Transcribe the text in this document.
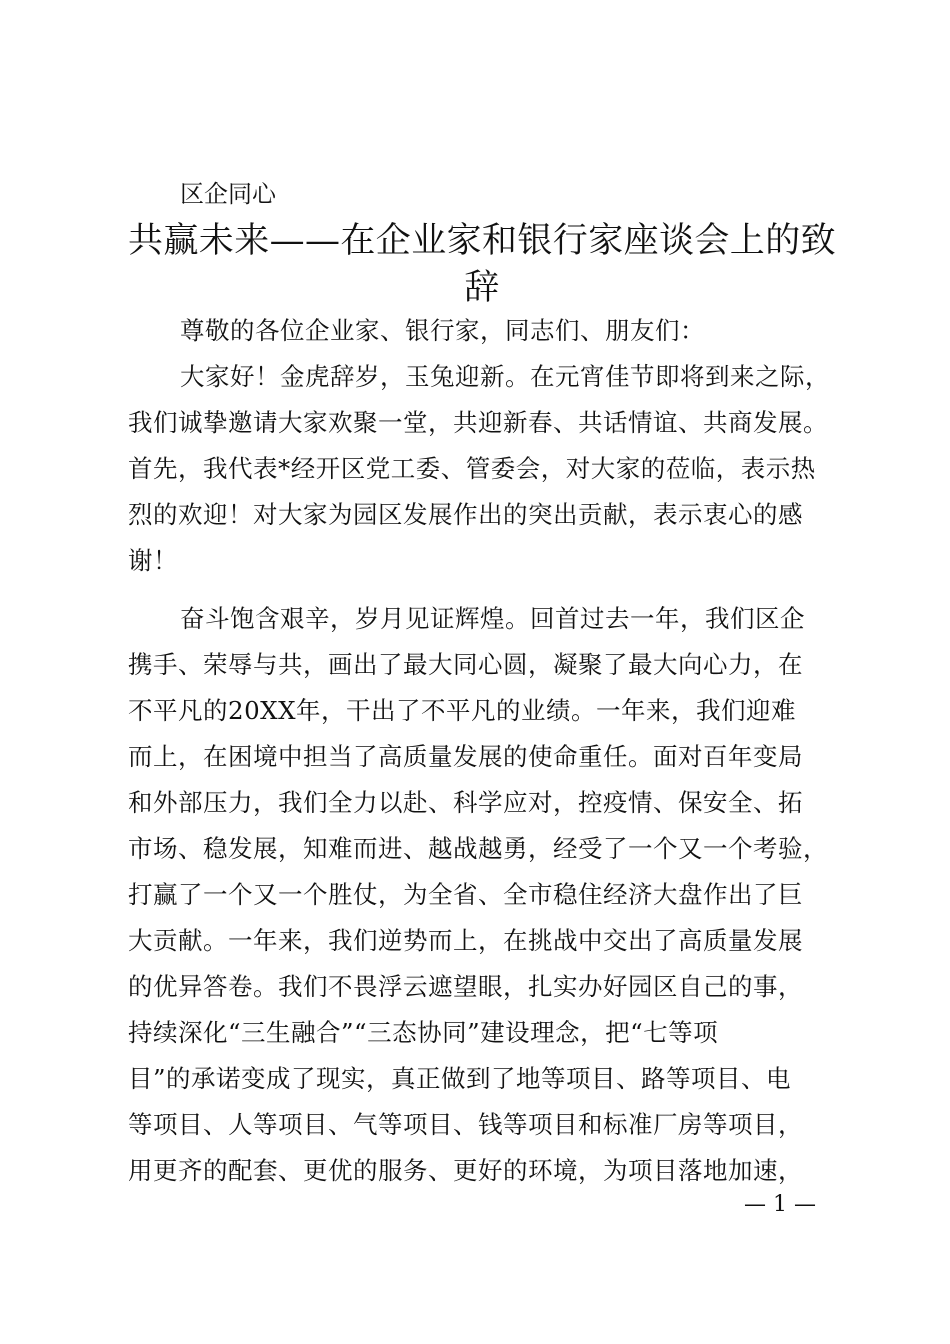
区企同心
共赢未来——在企业家和银行家座谈会上的致辞
尊敬的各位企业家、银行家，同志们、朋友们：
大家好！金虎辞岁，玉兔迎新。在元宵佳节即将到来之际，
我们诚挚邀请大家欢聚一堂，共迎新春、共话情谊、共商发展。
首先，我代表*经开区党工委、管委会，对大家的莅临，表示热
烈的欢迎！对大家为园区发展作出的突出贡献，表示衷心的感
谢！
奋斗饱含艰辛，岁月见证辉煌。回首过去一年，我们区企
携手、荣辱与共，画出了最大同心圆，凝聚了最大向心力，在
不平凡的20XX年，干出了不平凡的业绩。一年来，我们迎难
而上，在困境中担当了高质量发展的使命重任。面对百年变局
和外部压力，我们全力以赴、科学应对，控疫情、保安全、拓
市场、稳发展，知难而进、越战越勇，经受了一个又一个考验，
打赢了一个又一个胜仗，为全省、全市稳住经济大盘作出了巨
大贡献。一年来，我们逆势而上，在挑战中交出了高质量发展
的优异答卷。我们不畏浮云遮望眼，扎实办好园区自己的事，
持续深化“三生融合”“三态协同”建设理念，把“七等项
目”的承诺变成了现实，真正做到了地等项目、路等项目、电
等项目、人等项目、气等项目、钱等项目和标准厂房等项目，
用更齐的配套、更优的服务、更好的环境，为项目落地加速，
— 1 —
